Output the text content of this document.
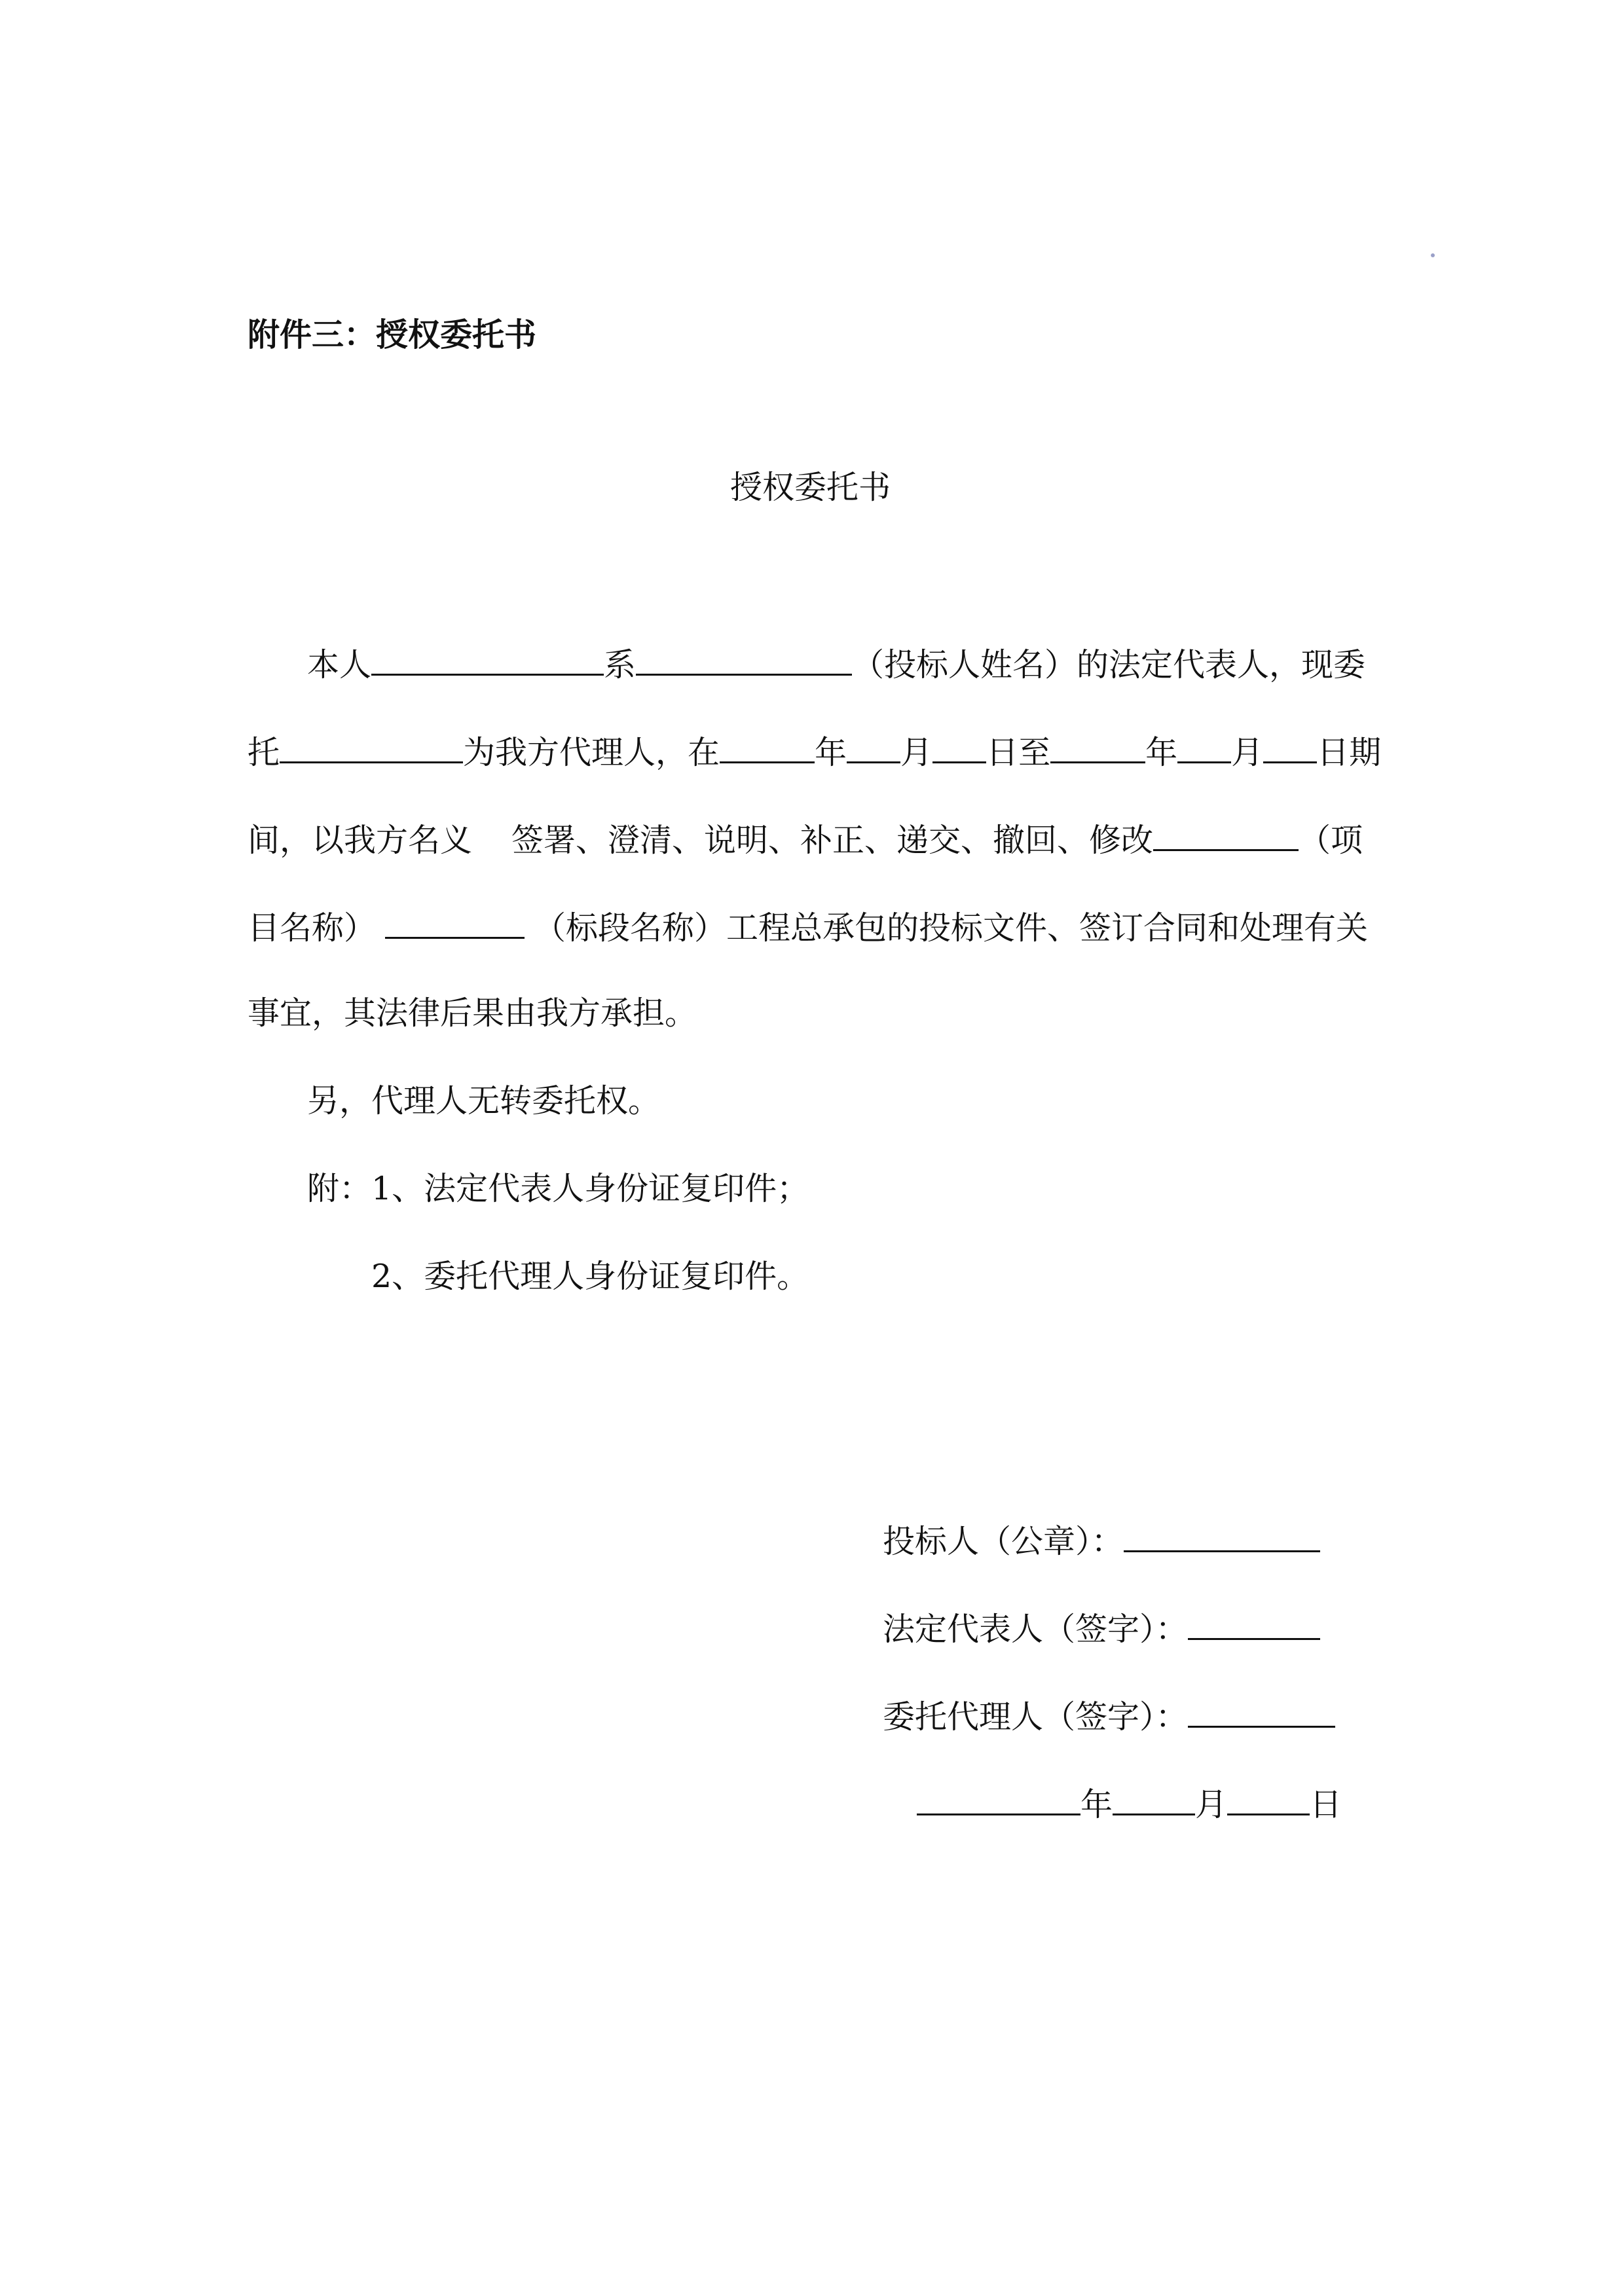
附件三：授权委托书
授权委托书
本人	系	（投标人姓名）的法定代表人，现委
托	为我方代理人，在	年 月 日至	年 月 日期
间，以我方名义 签署、澄清、说明、补正、递交、撤回、修改	（项
目名称）	（标段名称）工程总承包的投标文件、签订合同和处理有关
事宜，其法律后果由我方承担。
另，代理人无转委托权。
附：1、法定代表人身份证复印件；
2、委托代理人身份证复印件。
投标人（公章）：
法定代表人（签字）：
委托代理人（签字）：
年	月	日
